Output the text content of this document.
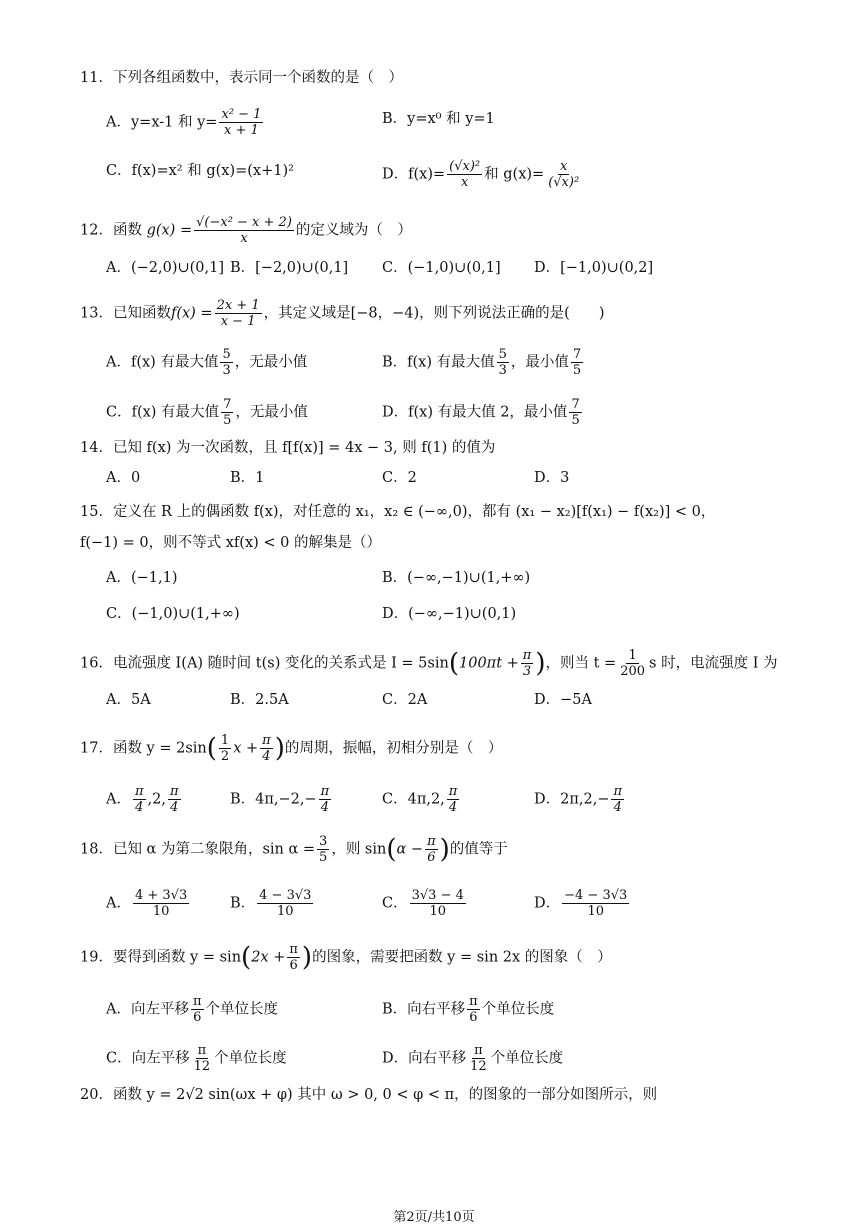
11．下列各组函数中，表示同一个函数的是（　）
A．y=x-1 和 $y= \frac{\text{x² − 1}}{x + 1}$	B．y=x⁰ 和 y=1
C．f(x)=x² 和 g(x)=(x+1)²	D．$f(x)= \frac{\text{(√x)²}}{x}$ 和 $g(x)= \frac{x}{\text{(√x)²}}$
12．函数 $g(x) = \frac{\text{√(−x² − x + 2)}}{x}$ 的定义域为（　）
A．(−2,0)∪(0,1] B．[−2,0)∪(0,1] C．(−1,0)∪(0,1] D．[−1,0)∪(0,2]
13．已知函数$f(x) = \frac{2x + 1}{x - 1}$ ，其定义域是[−8，−4)，则下列说法正确的是(　　)
A．f(x) 有最大值 $\frac{5}{3}$ ，无最小值	B．f(x) 有最大值 $\frac{5}{3}$ ，最小值 $\frac{7}{5}$
C．f(x) 有最大值 $\frac{7}{5}$ ，无最小值	D．f(x) 有最大值 2，最小值 $\frac{7}{5}$
14．已知 f(x) 为一次函数，且 f[f(x)] = 4x − 3, 则 f(1) 的值为
A．0	B．1	C．2	D．3
15．定义在 R 上的偶函数 f(x)，对任意的 x₁，x₂ ∈ (−∞,0)，都有 (x₁ − x₂)[f(x₁) − f(x₂)] < 0，
f(−1) = 0，则不等式 xf(x) < 0 的解集是（）
A．(−1,1)	B．(−∞,−1)∪(1,+∞)
C．(−1,0)∪(1,+∞)	D．(−∞,−1)∪(0,1)
16．电流强度 I(A) 随时间 t(s) 变化的关系式是 $I = 5\sin(100\pi t + \frac{\pi}{3}$ )，则当 $t = \frac{1}{200}$ s 时，电流强度 I 为
A．5A	B．2.5A	C．2A	D．−5A
17．函数 $y = 2\sin( \frac{1}{2}$ $x + \frac{\pi}{4}$ )的周期，振幅，初相分别是（　）
A． $\frac{\pi}{4} ,2$, $\frac{\pi}{4}$	B．$4\pi,-2,- \frac{\pi}{4}$	C．4π,2, $\frac{\pi}{4}$	D．$2\pi,2,- \frac{\pi}{4}$
18．已知 α 为第二象限角，$\sin \alpha = \frac{3}{5}$ ，则 $\sin(\alpha - \frac{\pi}{6}$ )的值等于
A． $\frac{4 + 3√3}{10}$	B． $\frac{4 - 3√3}{10}$	C． $\frac{3√3 - 4}{10}$	D． $\frac{-4 - 3√3}{10}$
19．要得到函数 $y = \sin(2x + \frac{\pi}{6}$ )的图象，需要把函数 y = sin 2x 的图象（　）
A．向左平移 $\frac{\pi}{6}$ 个单位长度	B．向右平移 $\frac{\pi}{6}$ 个单位长度
C．向左平移 $\frac{\pi}{12}$ 个单位长度	D．向右平移 $\frac{\pi}{12}$ 个单位长度
20．函数 y = 2√2 sin(ωx + φ) 其中 ω > 0, 0 < φ < π，的图象的一部分如图所示，则
第2页/共10页
